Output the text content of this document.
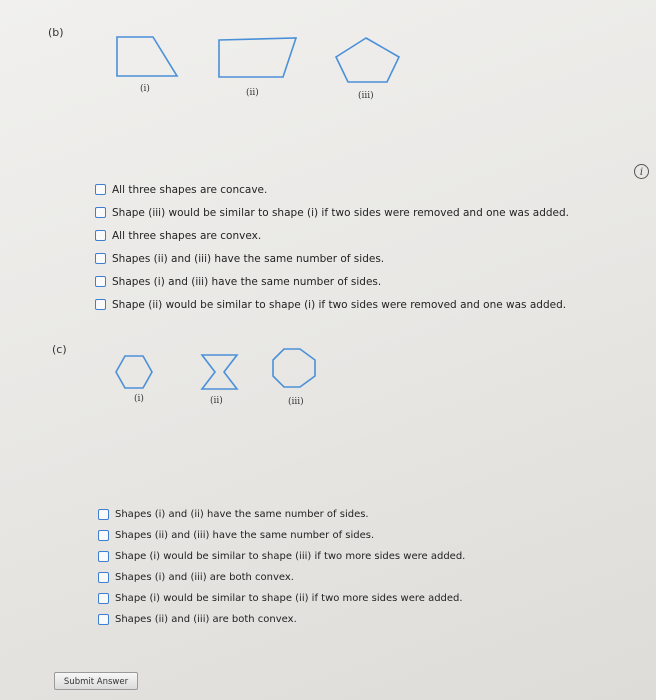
(b)
(i)	(ii)	(iii)
i
All three shapes are concave.
Shape (iii) would be similar to shape (i) if two sides were removed and one was added.
All three shapes are convex.
Shapes (ii) and (iii) have the same number of sides.
Shapes (i) and (iii) have the same number of sides.
Shape (ii) would be similar to shape (i) if two sides were removed and one was added.
(c)
(i)	(ii)	(iii)
Shapes (i) and (ii) have the same number of sides.
Shapes (ii) and (iii) have the same number of sides.
Shape (i) would be similar to shape (iii) if two more sides were added.
Shapes (i) and (iii) are both convex.
Shape (i) would be similar to shape (ii) if two more sides were added.
Shapes (ii) and (iii) are both convex.
Submit Answer
